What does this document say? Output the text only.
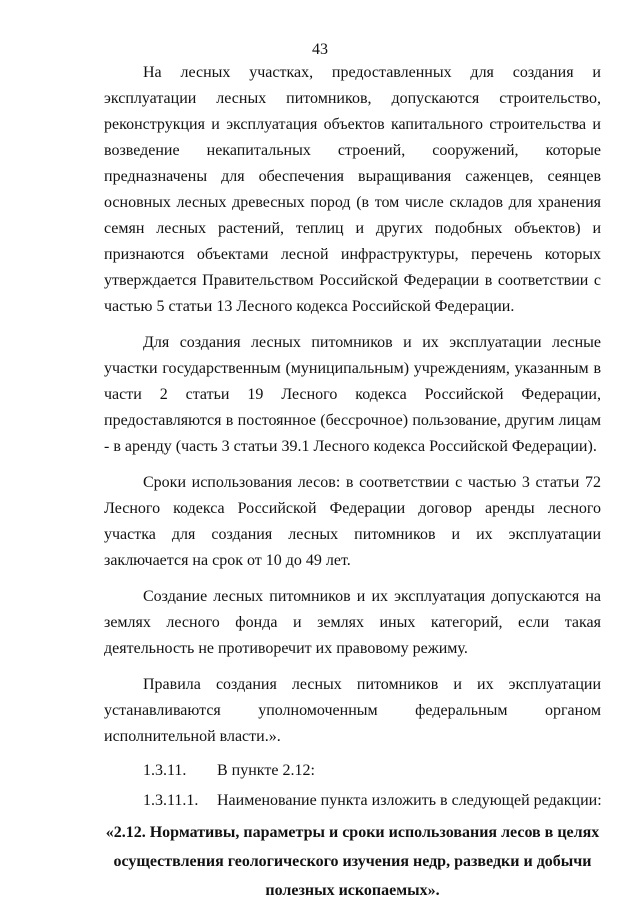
43

На лесных участках, предоставленных для создания и эксплуатации лесных питомников, допускаются строительство, реконструкция и эксплуатация объектов капитального строительства и возведение некапитальных строений, сооружений, которые предназначены для обеспечения выращивания саженцев, сеянцев основных лесных древесных пород (в том числе складов для хранения семян лесных растений, теплиц и других подобных объектов) и признаются объектами лесной инфраструктуры, перечень которых утверждается Правительством Российской Федерации в соответствии с частью 5 статьи 13 Лесного кодекса Российской Федерации.

Для создания лесных питомников и их эксплуатации лесные участки государственным (муниципальным) учреждениям, указанным в части 2 статьи 19 Лесного кодекса Российской Федерации, предоставляются в постоянное (бессрочное) пользование, другим лицам - в аренду (часть 3 статьи 39.1 Лесного кодекса Российской Федерации).

Сроки использования лесов: в соответствии с частью 3 статьи 72 Лесного кодекса Российской Федерации договор аренды лесного участка для создания лесных питомников и их эксплуатации заключается на срок от 10 до 49 лет.

Создание лесных питомников и их эксплуатация допускаются на землях лесного фонда и землях иных категорий, если такая деятельность не противоречит их правовому режиму.

Правила создания лесных питомников и их эксплуатации устанавливаются уполномоченным федеральным органом исполнительной власти.».

1.3.11. В пункте 2.12:
1.3.11.1. Наименование пункта изложить в следующей редакции:

«2.12. Нормативы, параметры и сроки использования лесов в целях

осуществления геологического изучения недр, разведки и добычи

полезных ископаемых».
